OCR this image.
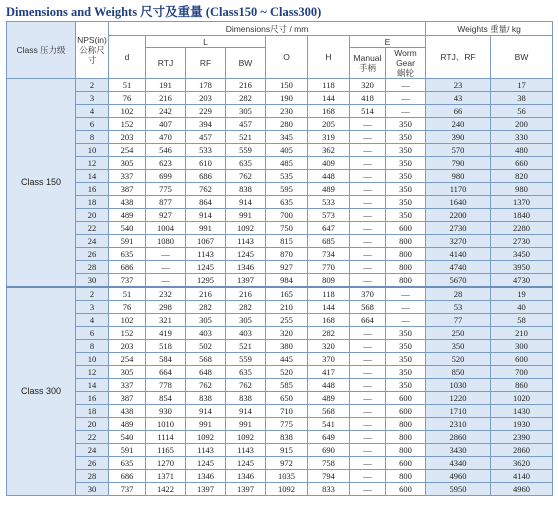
Dimensions and Weights 尺寸及重量 (Class150 ~ Class300)
Class 压力级	NPS(in)
公称尺寸	Dimensions尺寸 / mm								Weights 重量/ kg	
		d	L			O	H	E		RTJ、RF	BW
			RTJ	RF	BW			Manual
手柄	Worm Gear
蜗轮		
Class 150	2	51	191	178	216	150	118	320	—	23	17
	3	76	216	203	282	190	144	418	—	43	38
	4	102	242	229	305	230	168	514	—	66	56
	6	152	407	394	457	280	205	—	350	240	200
	8	203	470	457	521	345	319	—	350	390	330
	10	254	546	533	559	405	362	—	350	570	480
	12	305	623	610	635	485	409	—	350	790	660
	14	337	699	686	762	535	448	—	350	980	820
	16	387	775	762	838	595	489	—	350	1170	980
	18	438	877	864	914	635	533	—	350	1640	1370
	20	489	927	914	991	700	573	—	350	2200	1840
	22	540	1004	991	1092	750	647	—	600	2730	2280
	24	591	1080	1067	1143	815	685	—	800	3270	2730
	26	635	—	1143	1245	870	734	—	800	4140	3450
	28	686	—	1245	1346	927	770	—	800	4740	3950
	30	737	—	1295	1397	984	809	—	800	5670	4730
Class 300	2	51	232	216	216	165	118	370	—	28	19
	3	76	298	282	282	210	144	568	—	53	40
	4	102	321	305	305	255	168	664	—	77	58
	6	152	419	403	403	320	282	—	350	250	210
	8	203	518	502	521	380	320	—	350	350	300
	10	254	584	568	559	445	370	—	350	520	600
	12	305	664	648	635	520	417	—	350	850	700
	14	337	778	762	762	585	448	—	350	1030	860
	16	387	854	838	838	650	489	—	600	1220	1020
	18	438	930	914	914	710	568	—	600	1710	1430
	20	489	1010	991	991	775	541	—	800	2310	1930
	22	540	1114	1092	1092	838	649	—	800	2860	2390
	24	591	1165	1143	1143	915	690	—	800	3430	2860
	26	635	1270	1245	1245	972	758	—	600	4340	3620
	28	686	1371	1346	1346	1035	794	—	800	4960	4140
	30	737	1422	1397	1397	1092	833	—	600	5950	4960
